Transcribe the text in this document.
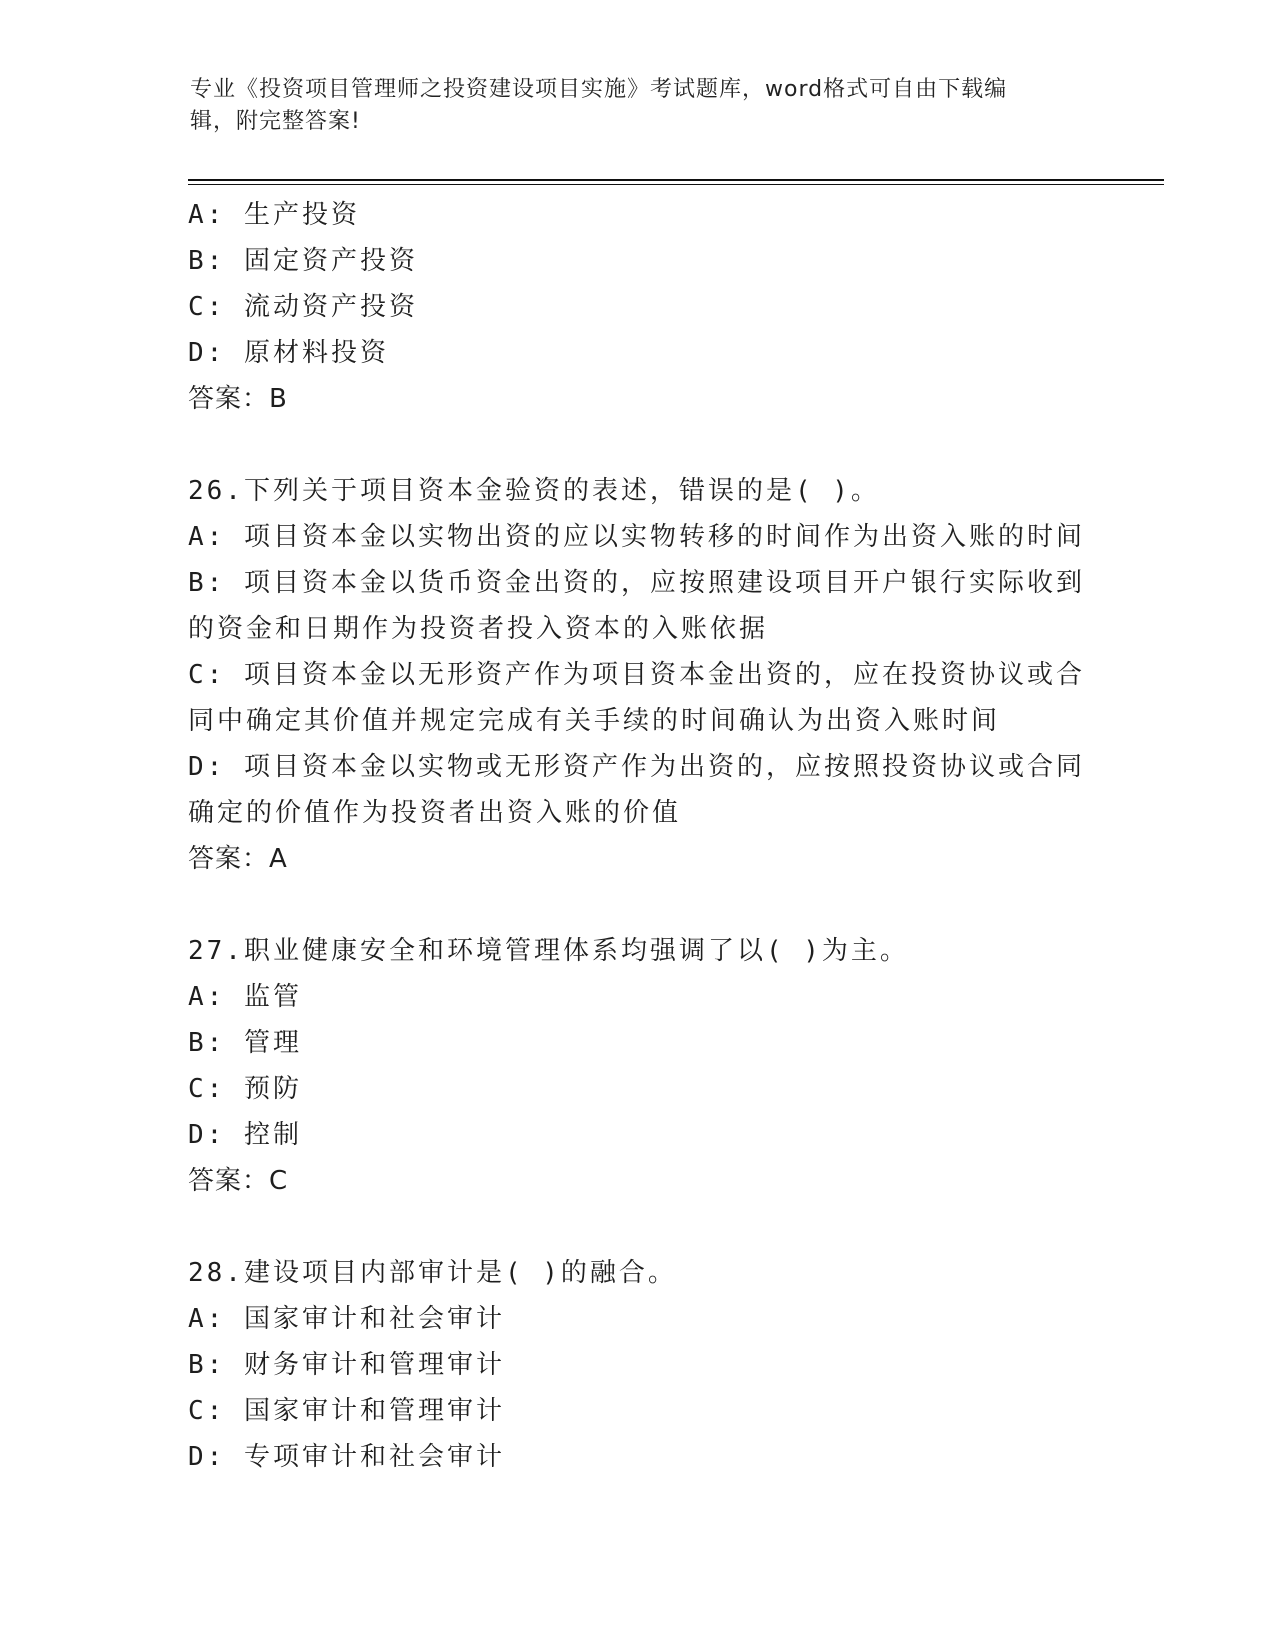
专业《投资项目管理师之投资建设项目实施》考试题库，word格式可自由下载编
辑，附完整答案!
A: 生产投资
B: 固定资产投资
C: 流动资产投资
D: 原材料投资
答案：B
26.下列关于项目资本金验资的表述，错误的是( )。
A: 项目资本金以实物出资的应以实物转移的时间作为出资入账的时间
B: 项目资本金以货币资金出资的，应按照建设项目开户银行实际收到
的资金和日期作为投资者投入资本的入账依据
C: 项目资本金以无形资产作为项目资本金出资的，应在投资协议或合
同中确定其价值并规定完成有关手续的时间确认为出资入账时间
D: 项目资本金以实物或无形资产作为出资的，应按照投资协议或合同
确定的价值作为投资者出资入账的价值
答案：A
27.职业健康安全和环境管理体系均强调了以( )为主。
A: 监管
B: 管理
C: 预防
D: 控制
答案：C
28.建设项目内部审计是( )的融合。
A: 国家审计和社会审计
B: 财务审计和管理审计
C: 国家审计和管理审计
D: 专项审计和社会审计
